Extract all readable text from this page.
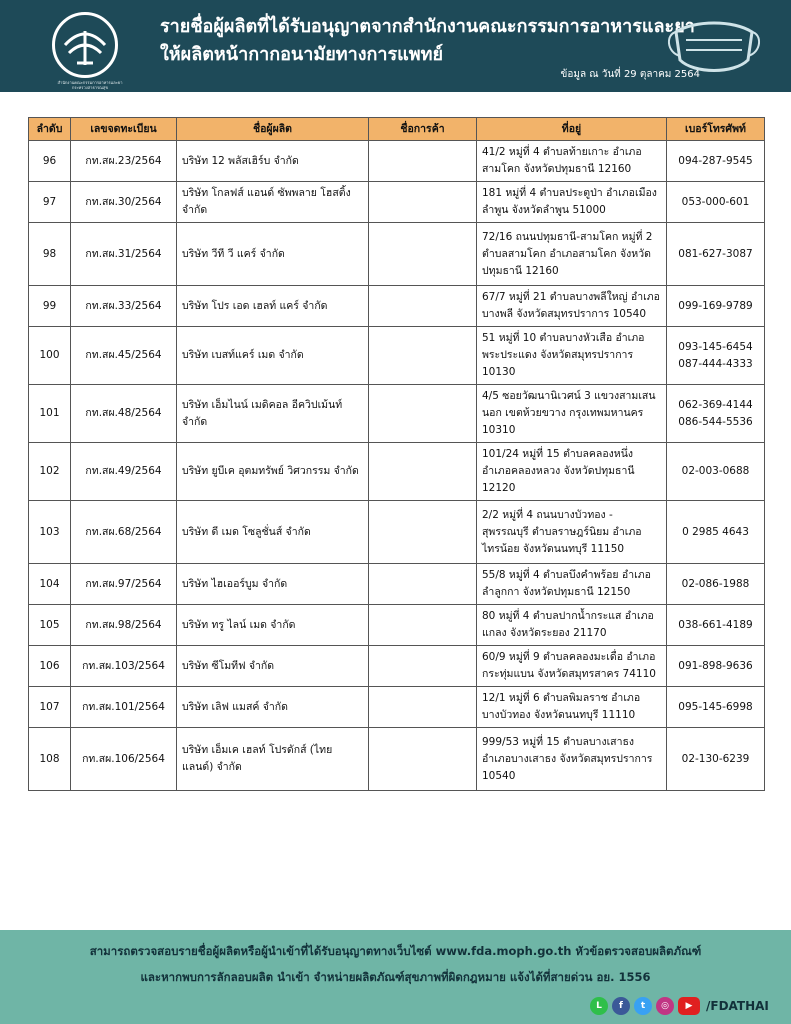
สำนักงานคณะกรรมการอาหารและยา กระทรวงสาธารณสุข
รายชื่อผู้ผลิตที่ได้รับอนุญาตจากสำนักงานคณะกรรมการอาหารและยา
ให้ผลิตหน้ากากอนามัยทางการแพทย์
ข้อมูล ณ วันที่ 29 ตุลาคม 2564
ลำดับ	เลขจดทะเบียน	ชื่อผู้ผลิต	ชื่อการค้า	ที่อยู่	เบอร์โทรศัพท์
96	กท.สผ.23/2564	บริษัท 12 พลัสเฮิร์บ จำกัด		41/2 หมู่ที่ 4 ตำบลท้ายเกาะ อำเภอสามโคก จังหวัดปทุมธานี 12160	094-287-9545

97	กท.สผ.30/2564	บริษัท โกลฟส์ แอนด์ ซัพพลาย โฮสติ้ง จำกัด		181 หมู่ที่ 4 ตำบลประตูป่า อำเภอเมืองลำพูน จังหวัดลำพูน 51000	053-000-601

98	กท.สผ.31/2564	บริษัท วีที วี แคร์ จำกัด		72/16 ถนนปทุมธานี-สามโคก หมู่ที่ 2 ตำบลสามโคก อำเภอสามโคก จังหวัดปทุมธานี 12160	081-627-3087

99	กท.สผ.33/2564	บริษัท โปร เอด เฮลท์ แคร์ จำกัด		67/7 หมู่ที่ 21 ตำบลบางพลีใหญ่ อำเภอบางพลี จังหวัดสมุทรปราการ 10540	099-169-9789

100	กท.สผ.45/2564	บริษัท เบสท์แคร์ เมด จำกัด		51 หมู่ที่ 10 ตำบลบางหัวเสือ อำเภอพระประแดง จังหวัดสมุทรปราการ 10130	093-145-6454
087-444-4333

101	กท.สผ.48/2564	บริษัท เอ็มไนน์ เมดิคอล อีควิปเม้นท์ จำกัด		4/5 ซอยวัฒนานิเวศน์ 3 แขวงสามเสนนอก เขตห้วยขวาง กรุงเทพมหานคร 10310	062-369-4144
086-544-5536

102	กท.สผ.49/2564	บริษัท ยูบีเค อุตมทรัพย์ วิศวกรรม จำกัด		101/24 หมู่ที่ 15 ตำบลคลองหนึ่ง อำเภอคลองหลวง จังหวัดปทุมธานี 12120	02-003-0688

103	กท.สผ.68/2564	บริษัท ดี เมด โซลูชั่นส์ จำกัด		2/2 หมู่ที่ 4 ถนนบางบัวทอง - สุพรรณบุรี ตำบลราษฎร์นิยม อำเภอไทรน้อย จังหวัดนนทบุรี 11150	0 2985 4643

104	กท.สผ.97/2564	บริษัท ไฮเออร์บูม จำกัด		55/8 หมู่ที่ 4 ตำบลบึงคำพร้อย อำเภอลำลูกกา จังหวัดปทุมธานี 12150	02-086-1988

105	กท.สผ.98/2564	บริษัท ทรู ไลน์ เมด จำกัด		80 หมู่ที่ 4 ตำบลปากน้ำกระแส อำเภอแกลง จังหวัดระยอง 21170	038-661-4189

106	กท.สผ.103/2564	บริษัท ซีโมทีฟ จำกัด		60/9 หมู่ที่ 9 ตำบลคลองมะเดื่อ อำเภอกระทุ่มแบน จังหวัดสมุทรสาคร 74110	091-898-9636

107	กท.สผ.101/2564	บริษัท เลิฟ แมสค์ จำกัด		12/1 หมู่ที่ 6 ตำบลพิมลราช อำเภอบางบัวทอง จังหวัดนนทบุรี 11110	095-145-6998

108	กท.สผ.106/2564	บริษัท เอ็มเค เฮลท์ โปรดักส์ (ไทยแลนด์) จำกัด		999/53 หมู่ที่ 15 ตำบลบางเสาธง อำเภอบางเสาธง จังหวัดสมุทรปราการ 10540	02-130-6239
สามารถตรวจสอบรายชื่อผู้ผลิตหรือผู้นำเข้าที่ได้รับอนุญาตทางเว็บไซต์ www.fda.moph.go.th หัวข้อตรวจสอบผลิตภัณฑ์
และหากพบการลักลอบผลิต นำเข้า จำหน่ายผลิตภัณฑ์สุขภาพที่ผิดกฎหมาย แจ้งได้ที่สายด่วน อย. 1556
L	f	t	◎	▶	/FDATHAI
